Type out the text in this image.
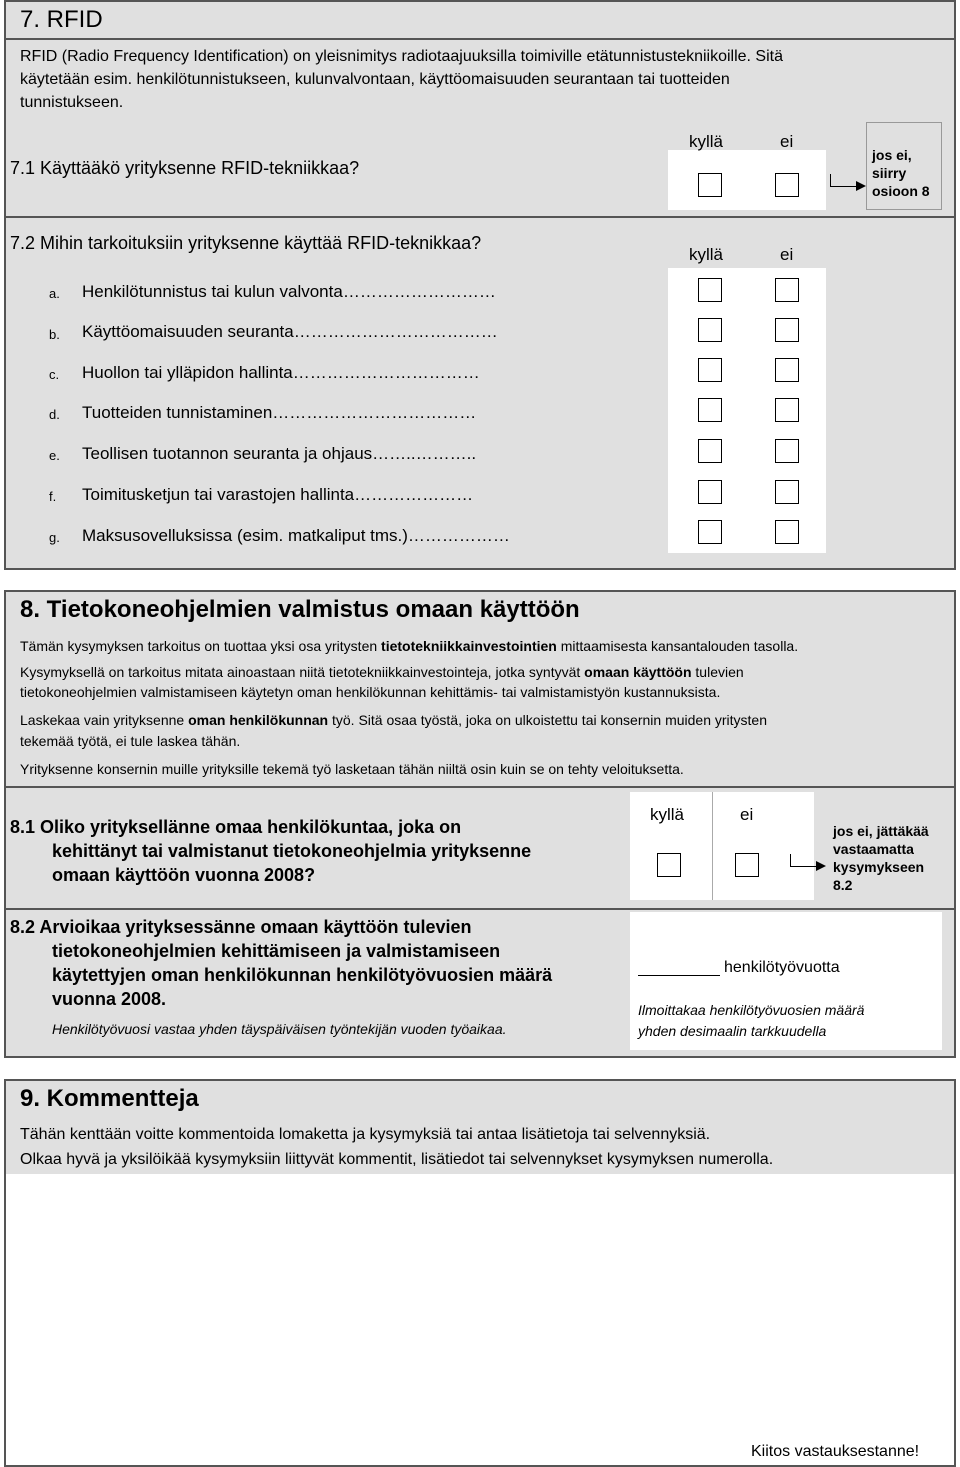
7. RFID
RFID (Radio Frequency Identification) on yleisnimitys radiotaajuuksilla toimiville etätunnistustekniikoille. Sitä
käytetään esim. henkilötunnistukseen, kulunvalvontaan, käyttöomaisuuden seurantaan tai tuotteiden
tunnistukseen.
7.1 Käyttääkö yrityksenne RFID-tekniikkaa?
kyllä	ei
jos ei,
siirry
osioon 8
7.2 Mihin tarkoituksiin yrityksenne käyttää RFID-teknikkaa?
kyllä	ei
a. Henkilötunnistus tai kulun valvonta………………………
b. Käyttöomaisuuden seuranta………………………………
c. Huollon tai ylläpidon hallinta……………………………
d. Tuotteiden tunnistaminen………………………………
e. Teollisen tuotannon seuranta ja ohjaus……..………..
f. Toimitusketjun tai varastojen hallinta…………………
g. Maksusovelluksissa (esim. matkaliput tms.)………………
8. Tietokoneohjelmien valmistus omaan käyttöön
Tämän kysymyksen tarkoitus on tuottaa yksi osa yritysten tietotekniikkainvestointien mittaamisesta kansantalouden tasolla.
Kysymyksellä on tarkoitus mitata ainoastaan niitä tietotekniikkainvestointeja, jotka syntyvät omaan käyttöön tulevien
tietokoneohjelmien valmistamiseen käytetyn oman henkilökunnan kehittämis- tai valmistamistyön kustannuksista.
Laskekaa vain yrityksenne oman henkilökunnan työ. Sitä osaa työstä, joka on ulkoistettu tai konsernin muiden yritysten
tekemää työtä, ei tule laskea tähän.
Yrityksenne konsernin muille yrityksille tekemä työ lasketaan tähän niiltä osin kuin se on tehty veloituksetta.
8.1 Oliko yrityksellänne omaa henkilökuntaa, joka on
kehittänyt tai valmistanut tietokoneohjelmia yrityksenne
omaan käyttöön vuonna 2008?
kyllä	ei
jos ei, jättäkää
vastaamatta
kysymykseen
8.2
8.2 Arvioikaa yrityksessänne omaan käyttöön tulevien
tietokoneohjelmien kehittämiseen ja valmistamiseen
käytettyjen oman henkilökunnan henkilötyövuosien määrä
vuonna 2008.
Henkilötyövuosi vastaa yhden täyspäiväisen työntekijän vuoden työaikaa.
henkilötyövuotta
Ilmoittakaa henkilötyövuosien määrä
yhden desimaalin tarkkuudella
9. Kommentteja
Tähän kenttään voitte kommentoida lomaketta ja kysymyksiä tai antaa lisätietoja tai selvennyksiä.
Olkaa hyvä ja yksilöikää kysymyksiin liittyvät kommentit, lisätiedot tai selvennykset kysymyksen numerolla.
Kiitos vastauksestanne!
